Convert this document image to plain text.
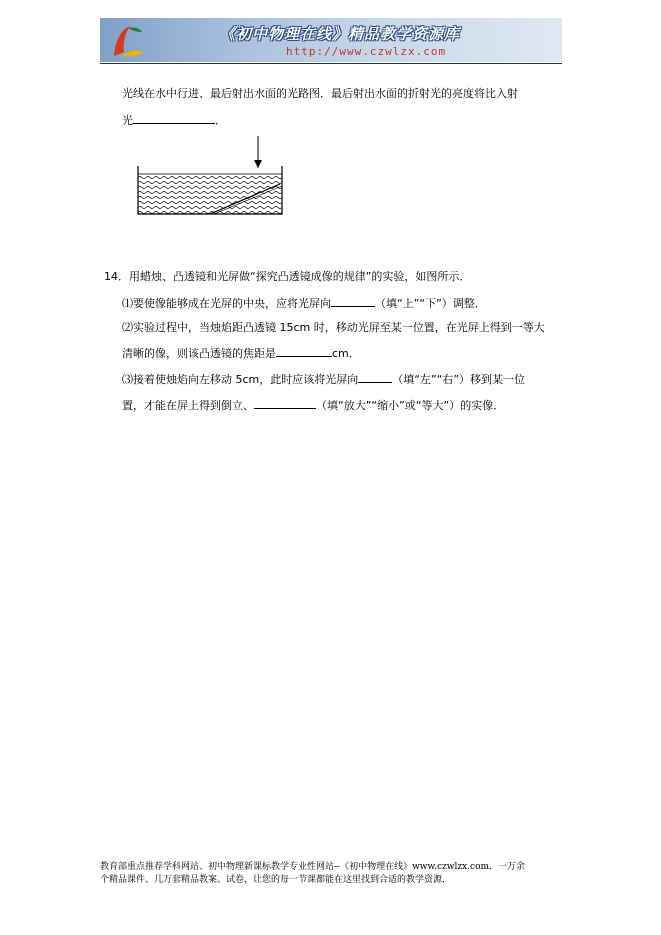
《初中物理在线》精品教学资源库
http://www.czwlzx.com
光线在水中行进、最后射出水面的光路图．最后射出水面的折射光的亮度将比入射
光	．
14．用蜡烛、凸透镜和光屏做“探究凸透镜成像的规律”的实验，如图所示．
⑴要使像能够成在光屏的中央，应将光屏向	（填“上”“下”）调整．
⑵实验过程中，当烛焰距凸透镜 15cm 时，移动光屏至某一位置，在光屏上得到一等大
清晰的像，则该凸透镜的焦距是	cm．
⑶接着使烛焰向左移动 5cm，此时应该将光屏向	（填“左”“右”）移到某一位
置，才能在屏上得到倒立、	（填“放大”“缩小”或“等大”）的实像．
教育部重点推荐学科网站、初中物理新课标教学专业性网站--《初中物理在线》www.czwlzx.com．一万余
个精品课件、几万套精品教案、试卷，让您的每一节课都能在这里找到合适的教学资源．
